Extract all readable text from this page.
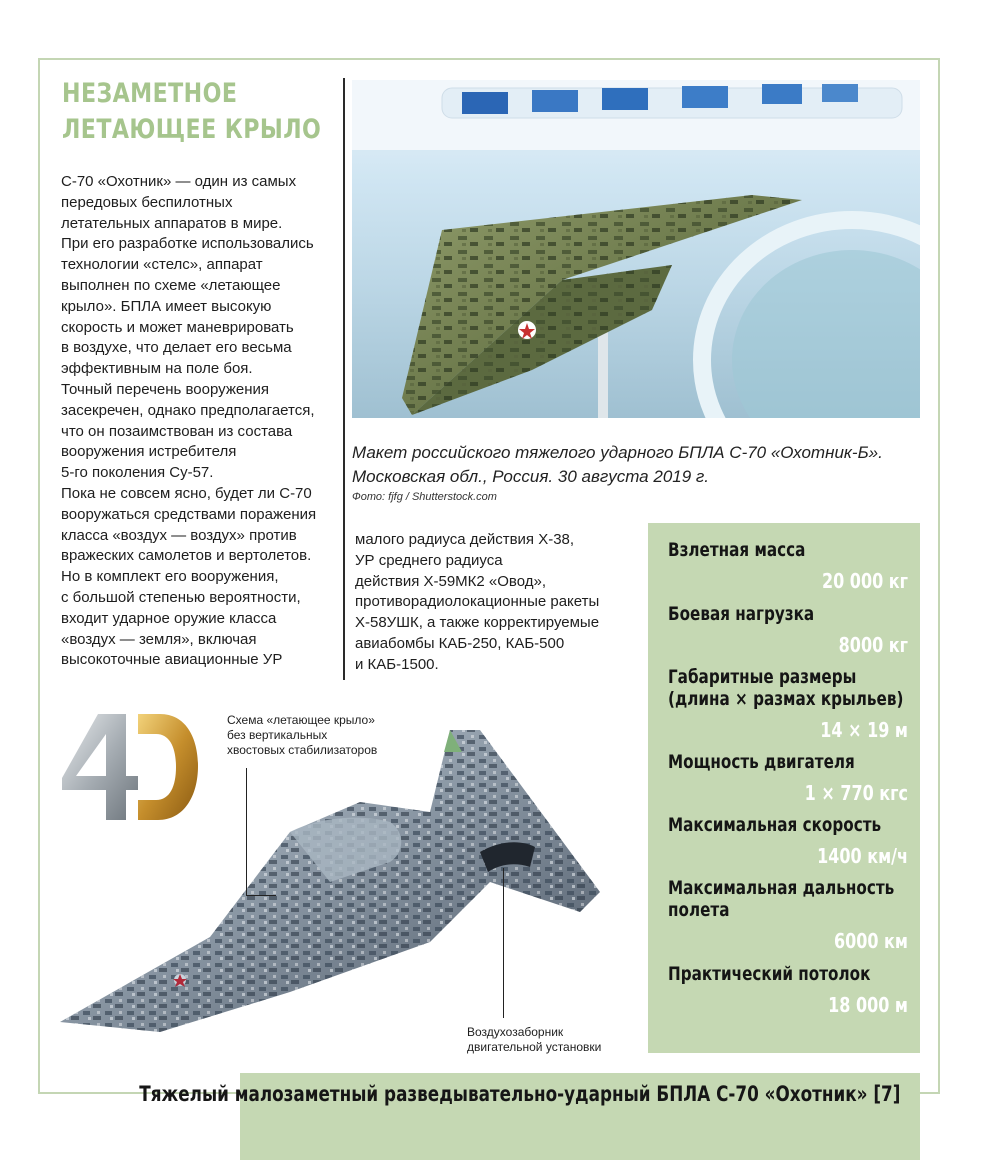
НЕЗАМЕТНОЕ ЛЕТАЮЩЕЕ КРЫЛО
С-70 «Охотник» — один из самых
передовых беспилотных
летательных аппаратов в мире.
При его разработке использовались
технологии «стелс», аппарат
выполнен по схеме «летающее
крыло». БПЛА имеет высокую
скорость и может маневрировать
в воздухе, что делает его весьма
эффективным на поле боя.
Точный перечень вооружения
засекречен, однако предполагается,
что он позаимствован из состава
вооружения истребителя
5-го поколения Су-57.
Пока не совсем ясно, будет ли С-70
вооружаться средствами поражения
класса «воздух — воздух» против
вражеских самолетов и вертолетов.
Но в комплект его вооружения,
с большой степенью вероятности,
входит ударное оружие класса
«воздух — земля», включая
высокоточные авиационные УР
малого радиуса действия Х-38,
УР среднего радиуса
действия Х-59МК2 «Овод»,
противорадиолокационные ракеты
Х-58УШК, а также корректируемые
авиабомбы КАБ-250, КАБ-500
и КАБ-1500.
Макет российского тяжелого ударного БПЛА С-70 «Охотник-Б». Московская обл., Россия. 30 августа 2019 г.
Фото: fjfg / Shutterstock.com
Взлетная масса
20 000 кг
Боевая нагрузка
8000 кг
Габаритные размеры (длина × размах крыльев)
14 × 19 м
Мощность двигателя
1 × 770 кгс
Максимальная скорость
1400 км/ч
Максимальная дальность полета
6000 км
Практический потолок
18 000 м
Схема «летающее крыло»
без вертикальных
хвостовых стабилизаторов
Воздухозаборник
двигательной установки
Тяжелый малозаметный разведывательно-ударный БПЛА С-70 «Охотник» [7]
